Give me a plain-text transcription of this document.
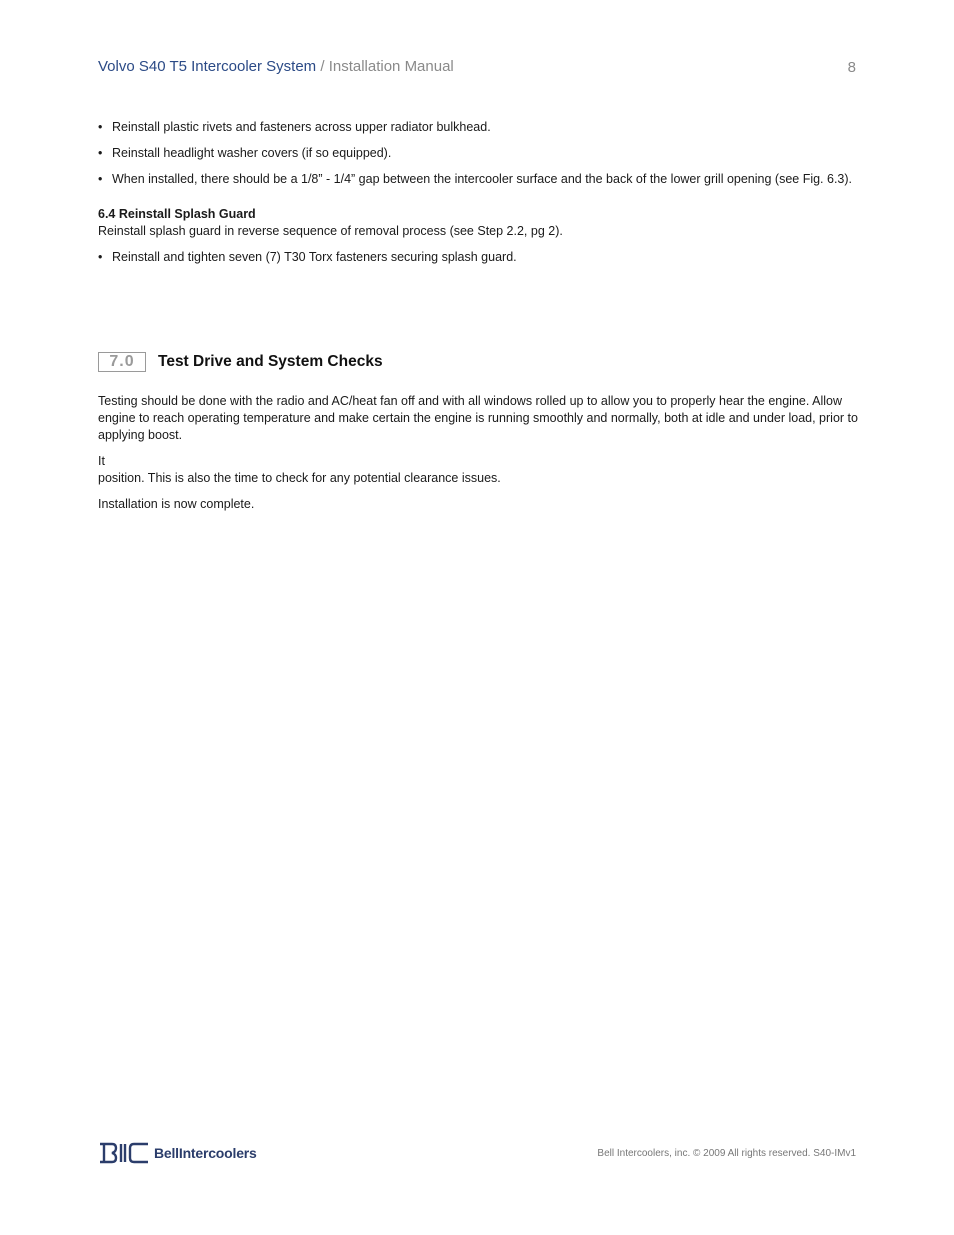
Volvo S40 T5 Intercooler System / Installation Manual	8
• Reinstall plastic rivets and fasteners across upper radiator bulkhead.
• Reinstall headlight washer covers (if so equipped).
• When installed, there should be a 1/8” - 1/4” gap between the intercooler surface and the back of the lower grill opening (see Fig. 6.3).
6.4 Reinstall Splash Guard

Reinstall splash guard in reverse sequence of removal process (see Step 2.2, pg 2).

• Reinstall and tighten seven (7) T30 Torx fasteners securing splash guard.
7.0 Test Drive and System Checks

Testing should be done with the radio and AC/heat fan off and with all windows rolled up to allow you to properly hear the engine. Allow engine to reach operating temperature and make certain the engine is running smoothly and normally, both at idle and under load, prior to applying boost.

It

position. This is also the time to check for any potential clearance issues.

Installation is now complete.

BIC
BellIntercoolers	Bell Intercoolers, inc. © 2009 All rights reserved. S40-IMv1
